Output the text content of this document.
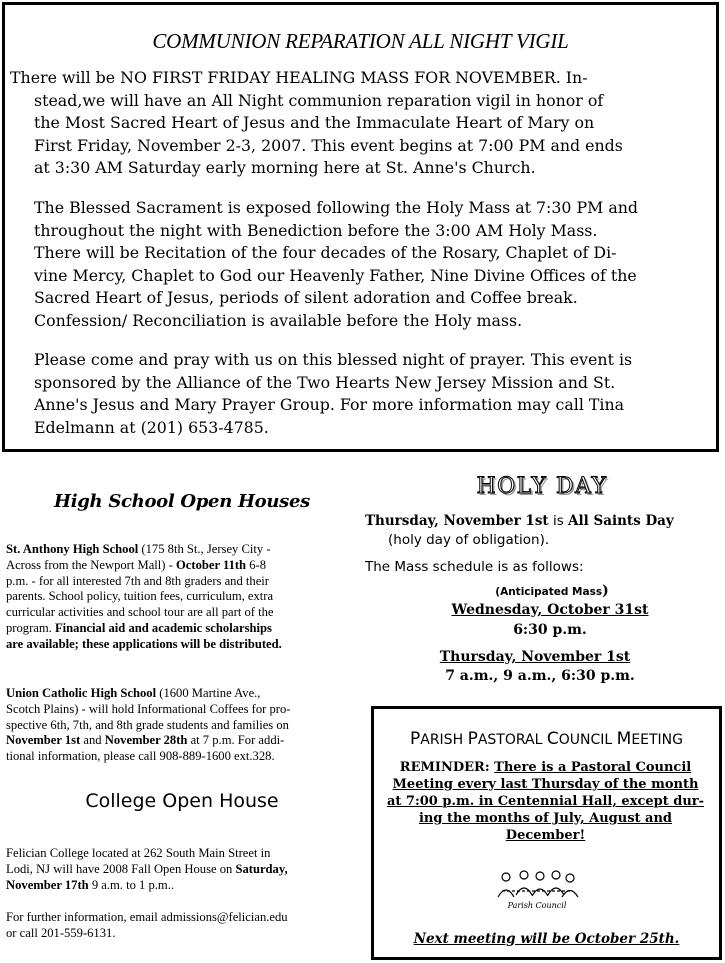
COMMUNION REPARATION ALL NIGHT VIGIL

There will be NO FIRST FRIDAY HEALING MASS FOR NOVEMBER. In-
stead,we will have an All Night communion reparation vigil in honor of
the Most Sacred Heart of Jesus and the Immaculate Heart of Mary on
First Friday, November 2-3, 2007. This event begins at 7:00 PM and ends
at 3:30 AM Saturday early morning here at St. Anne's Church.

The Blessed Sacrament is exposed following the Holy Mass at 7:30 PM and
throughout the night with Benediction before the 3:00 AM Holy Mass.
There will be Recitation of the four decades of the Rosary, Chaplet of Di-
vine Mercy, Chaplet to God our Heavenly Father, Nine Divine Offices of the
Sacred Heart of Jesus, periods of silent adoration and Coffee break.
Confession/ Reconciliation is available before the Holy mass.

Please come and pray with us on this blessed night of prayer. This event is
sponsored by the Alliance of the Two Hearts New Jersey Mission and St.
Anne's Jesus and Mary Prayer Group. For more information may call Tina
Edelmann at (201) 653-4785.

High School Open Houses

St. Anthony High School (175 8th St., Jersey City -
Across from the Newport Mall) - October 11th 6-8
p.m. - for all interested 7th and 8th graders and their
parents. School policy, tuition fees, curriculum, extra
curricular activities and school tour are all part of the
program. Financial aid and academic scholarships
are available; these applications will be distributed.

Union Catholic High School (1600 Martine Ave.,
Scotch Plains) - will hold Informational Coffees for pro-
spective 6th, 7th, and 8th grade students and families on
November 1st and November 28th at 7 p.m. For addi-
tional information, please call 908-889-1600 ext.328.

College Open House

Felician College located at 262 South Main Street in
Lodi, NJ will have 2008 Fall Open House on Saturday,
November 17th 9 a.m. to 1 p.m..

For further information, email admissions@felician.edu
or call 201-559-6131.

HOLY DAY
Thursday, November 1st is All Saints Day
(holy day of obligation).
The Mass schedule is as follows:
(Anticipated Mass)
Wednesday, October 31st
6:30 p.m.
Thursday, November 1st
7 a.m., 9 a.m., 6:30 p.m.
PARISH PASTORAL COUNCIL MEETING
REMINDER: There is a Pastoral Council
Meeting every last Thursday of the month
at 7:00 p.m. in Centennial Hall, except dur-
ing the months of July, August and
December!
Parish Council
Next meeting will be October 25th.
